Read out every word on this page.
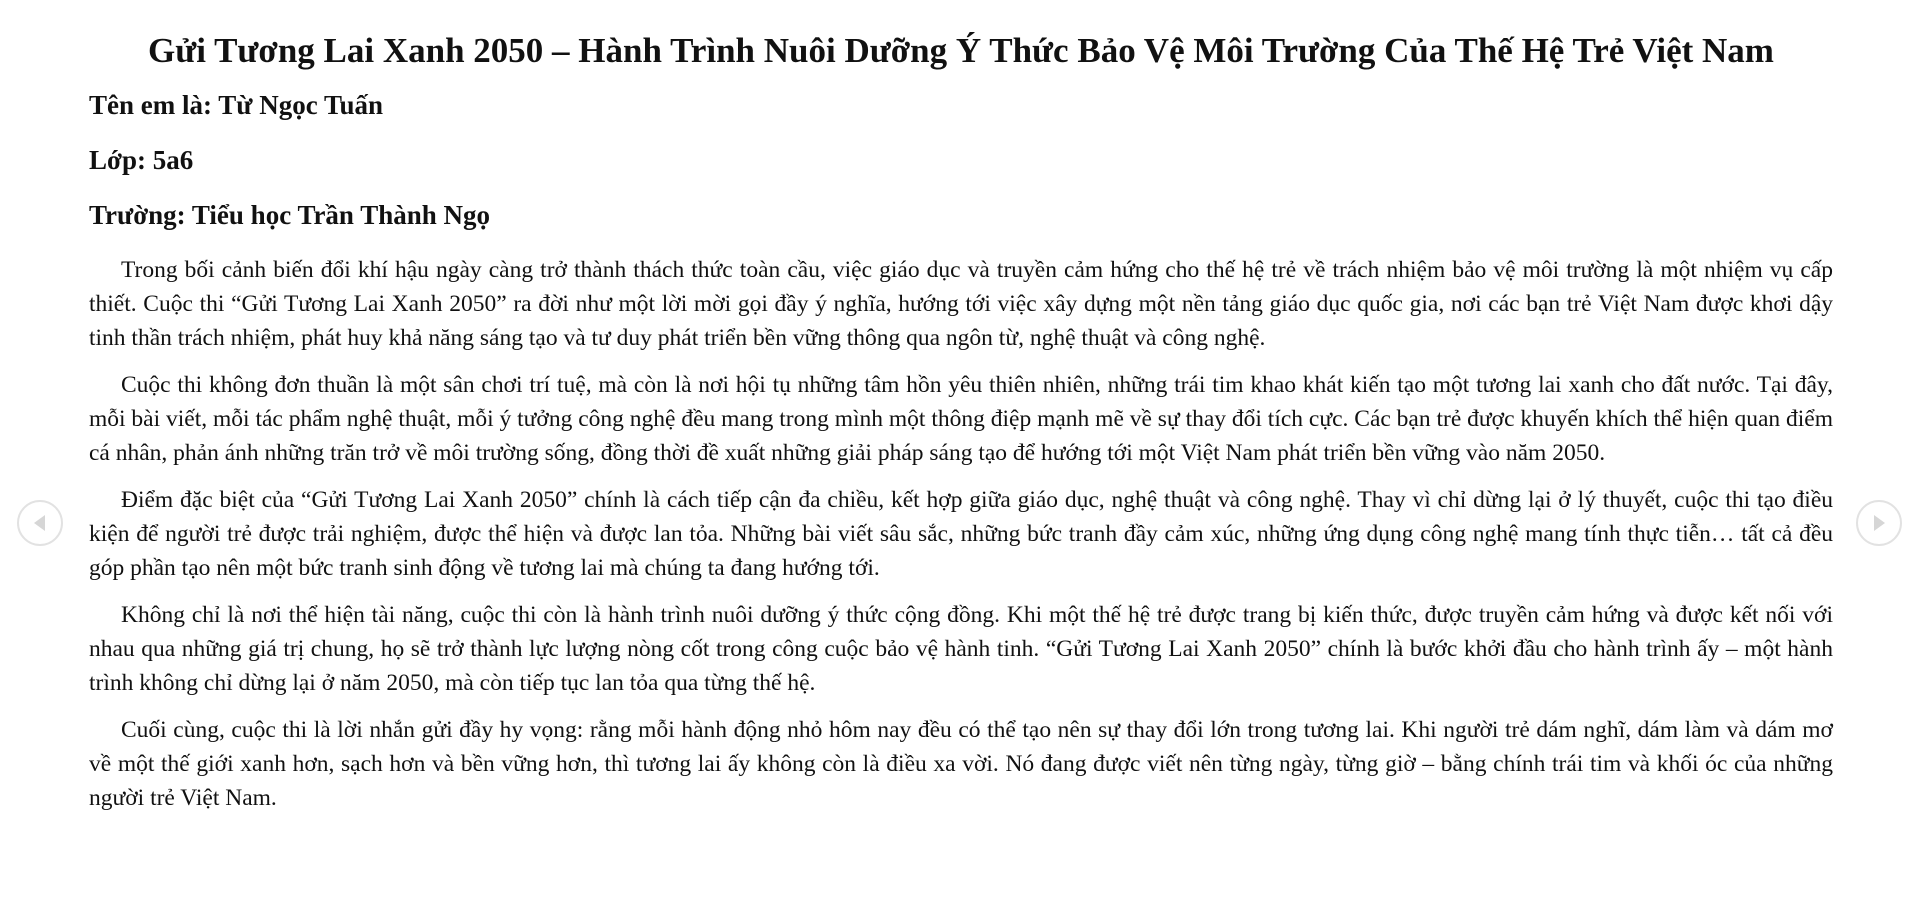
Gửi Tương Lai Xanh 2050 – Hành Trình Nuôi Dưỡng Ý Thức Bảo Vệ Môi Trường Của Thế Hệ Trẻ Việt Nam

Tên em là: Từ Ngọc Tuấn

Lớp: 5a6

Trường: Tiểu học Trần Thành Ngọ

Trong bối cảnh biến đổi khí hậu ngày càng trở thành thách thức toàn cầu, việc giáo dục và truyền cảm hứng cho thế hệ trẻ về trách nhiệm bảo vệ môi trường là một nhiệm vụ cấp thiết. Cuộc thi “Gửi Tương Lai Xanh 2050” ra đời như một lời mời gọi đầy ý nghĩa, hướng tới việc xây dựng một nền tảng giáo dục quốc gia, nơi các bạn trẻ Việt Nam được khơi dậy tinh thần trách nhiệm, phát huy khả năng sáng tạo và tư duy phát triển bền vững thông qua ngôn từ, nghệ thuật và công nghệ.

Cuộc thi không đơn thuần là một sân chơi trí tuệ, mà còn là nơi hội tụ những tâm hồn yêu thiên nhiên, những trái tim khao khát kiến tạo một tương lai xanh cho đất nước. Tại đây, mỗi bài viết, mỗi tác phẩm nghệ thuật, mỗi ý tưởng công nghệ đều mang trong mình một thông điệp mạnh mẽ về sự thay đổi tích cực. Các bạn trẻ được khuyến khích thể hiện quan điểm cá nhân, phản ánh những trăn trở về môi trường sống, đồng thời đề xuất những giải pháp sáng tạo để hướng tới một Việt Nam phát triển bền vững vào năm 2050.

Điểm đặc biệt của “Gửi Tương Lai Xanh 2050” chính là cách tiếp cận đa chiều, kết hợp giữa giáo dục, nghệ thuật và công nghệ. Thay vì chỉ dừng lại ở lý thuyết, cuộc thi tạo điều kiện để người trẻ được trải nghiệm, được thể hiện và được lan tỏa. Những bài viết sâu sắc, những bức tranh đầy cảm xúc, những ứng dụng công nghệ mang tính thực tiễn… tất cả đều góp phần tạo nên một bức tranh sinh động về tương lai mà chúng ta đang hướng tới.

Không chỉ là nơi thể hiện tài năng, cuộc thi còn là hành trình nuôi dưỡng ý thức cộng đồng. Khi một thế hệ trẻ được trang bị kiến thức, được truyền cảm hứng và được kết nối với nhau qua những giá trị chung, họ sẽ trở thành lực lượng nòng cốt trong công cuộc bảo vệ hành tinh. “Gửi Tương Lai Xanh 2050” chính là bước khởi đầu cho hành trình ấy – một hành trình không chỉ dừng lại ở năm 2050, mà còn tiếp tục lan tỏa qua từng thế hệ.

Cuối cùng, cuộc thi là lời nhắn gửi đầy hy vọng: rằng mỗi hành động nhỏ hôm nay đều có thể tạo nên sự thay đổi lớn trong tương lai. Khi người trẻ dám nghĩ, dám làm và dám mơ về một thế giới xanh hơn, sạch hơn và bền vững hơn, thì tương lai ấy không còn là điều xa vời. Nó đang được viết nên từng ngày, từng giờ – bằng chính trái tim và khối óc của những người trẻ Việt Nam.
